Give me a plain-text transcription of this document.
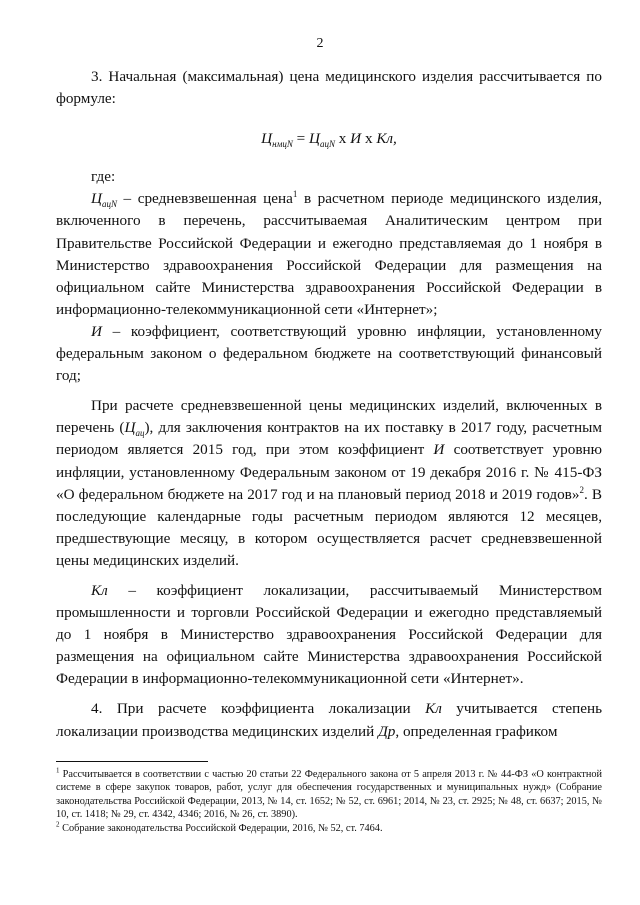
2

3. Начальная (максимальная) цена медицинского изделия рассчитывается по формуле:

$Ц_{нмцN} = Ц_{ацN}$ х И х Кл,

где:

$Ц_{ацN}$ – средневзвешенная цена$^1$ в расчетном периоде медицинского изделия, включенного в перечень, рассчитываемая Аналитическим центром при Правительстве Российской Федерации и ежегодно представляемая до 1 ноября в Министерство здравоохранения Российской Федерации для размещения на официальном сайте Министерства здравоохранения Российской Федерации в информационно-телекоммуникационной сети «Интернет»;

И – коэффициент, соответствующий уровню инфляции, установленному федеральным законом о федеральном бюджете на соответствующий финансовый год;

При расчете средневзвешенной цены медицинских изделий, включенных в перечень $(Ц_{ац})$, для заключения контрактов на их поставку в 2017 году, расчетным периодом является 2015 год, при этом коэффициент И соответствует уровню инфляции, установленному Федеральным законом от 19 декабря 2016 г. № 415-ФЗ «О федеральном бюджете на 2017 год и на плановый период 2018 и 2019 годов»$^2$. В последующие календарные годы расчетным периодом являются 12 месяцев, предшествующие месяцу, в котором осуществляется расчет средневзвешенной цены медицинских изделий.

Кл – коэффициент локализации, рассчитываемый Министерством промышленности и торговли Российской Федерации и ежегодно представляемый до 1 ноября в Министерство здравоохранения Российской Федерации для размещения на официальном сайте Министерства здравоохранения Российской Федерации в информационно-телекоммуникационной сети «Интернет».

4. При расчете коэффициента локализации Кл учитывается степень локализации производства медицинских изделий Др, определенная графиком

$^1$ Рассчитывается в соответствии с частью 20 статьи 22 Федерального закона от 5 апреля 2013 г. № 44-ФЗ «О контрактной системе в сфере закупок товаров, работ, услуг для обеспечения государственных и муниципальных нужд» (Собрание законодательства Российской Федерации, 2013, № 14, ст. 1652; № 52, ст. 6961; 2014, № 23, ст. 2925; № 48, ст. 6637; 2015, № 10, ст. 1418; № 29, ст. 4342, 4346; 2016, № 26, ст. 3890).

$^2$ Собрание законодательства Российской Федерации, 2016, № 52, ст. 7464.
